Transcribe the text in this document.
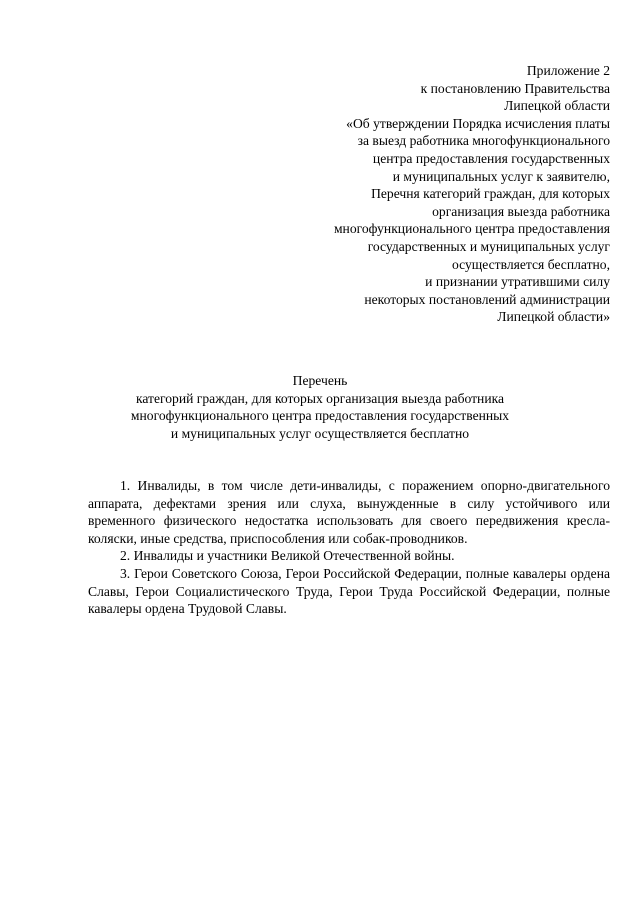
Приложение 2
к постановлению Правительства
Липецкой области
«Об утверждении Порядка исчисления платы
за выезд работника многофункционального
центра предоставления государственных
и муниципальных услуг к заявителю,
Перечня категорий граждан, для которых
организация выезда работника
многофункционального центра предоставления
государственных и муниципальных услуг
осуществляется бесплатно,
и признании утратившими силу
некоторых постановлений администрации
Липецкой области»
Перечень
категорий граждан, для которых организация выезда работника
многофункционального центра предоставления государственных
и муниципальных услуг осуществляется бесплатно

1. Инвалиды, в том числе дети-инвалиды, с поражением опорно-двигательного аппарата, дефектами зрения или слуха, вынужденные в силу устойчивого или временного физического недостатка использовать для своего передвижения кресла-коляски, иные средства, приспособления или собак-проводников.

2. Инвалиды и участники Великой Отечественной войны.

3. Герои Советского Союза, Герои Российской Федерации, полные кавалеры ордена Славы, Герои Социалистического Труда, Герои Труда Российской Федерации, полные кавалеры ордена Трудовой Славы.
